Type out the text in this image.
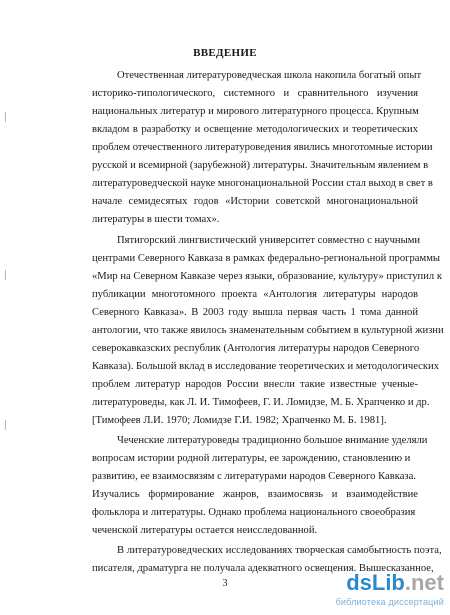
ВВЕДЕНИЕ
Отечественная литературоведческая школа накопила богатый опыт
историко-типологического, системного и сравнительного изучения
национальных литератур и мирового литературного процесса. Крупным
вкладом в разработку и освещение методологических и теоретических
проблем отечественного литературоведения явились многотомные истории
русской и всемирной (зарубежной) литературы. Значительным явлением в
литературоведческой науке многонациональной России стал выход в свет в
начале семидесятых годов «Истории советской многонациональной
литературы в шести томах».
Пятигорский лингвистический университет совместно с научными
центрами Северного Кавказа в рамках федерально-региональной программы
«Мир на Северном Кавказе через языки, образование, культуру» приступил к
публикации многотомного проекта «Антология литературы народов
Северного Кавказа». В 2003 году вышла первая часть 1 тома данной
антологии, что также явилось знаменательным событием в культурной жизни
северокавказских республик (Антология литературы народов Северного
Кавказа). Большой вклад в исследование теоретических и методологических
проблем литератур народов России внесли такие известные ученые-
литературоведы, как Л. И. Тимофеев, Г. И. Ломидзе, М. Б. Храпченко и др.
[Тимофеев Л.И. 1970; Ломидзе Г.И. 1982; Храпченко М. Б. 1981].
Чеченские литературоведы традиционно большое внимание уделяли
вопросам истории родной литературы, ее зарождению, становлению и
развитию, ее взаимосвязям с литературами народов Северного Кавказа.
Изучались формирование жанров, взаимосвязь и взаимодействие
фольклора и литературы. Однако проблема национального своеобразия
чеченской литературы остается неисследованной.
В литературоведческих исследованиях творческая самобытность поэта,
писателя, драматурга не получала адекватного освещения. Вышесказанное,
3	dsLib.net
библиотека диссертаций
